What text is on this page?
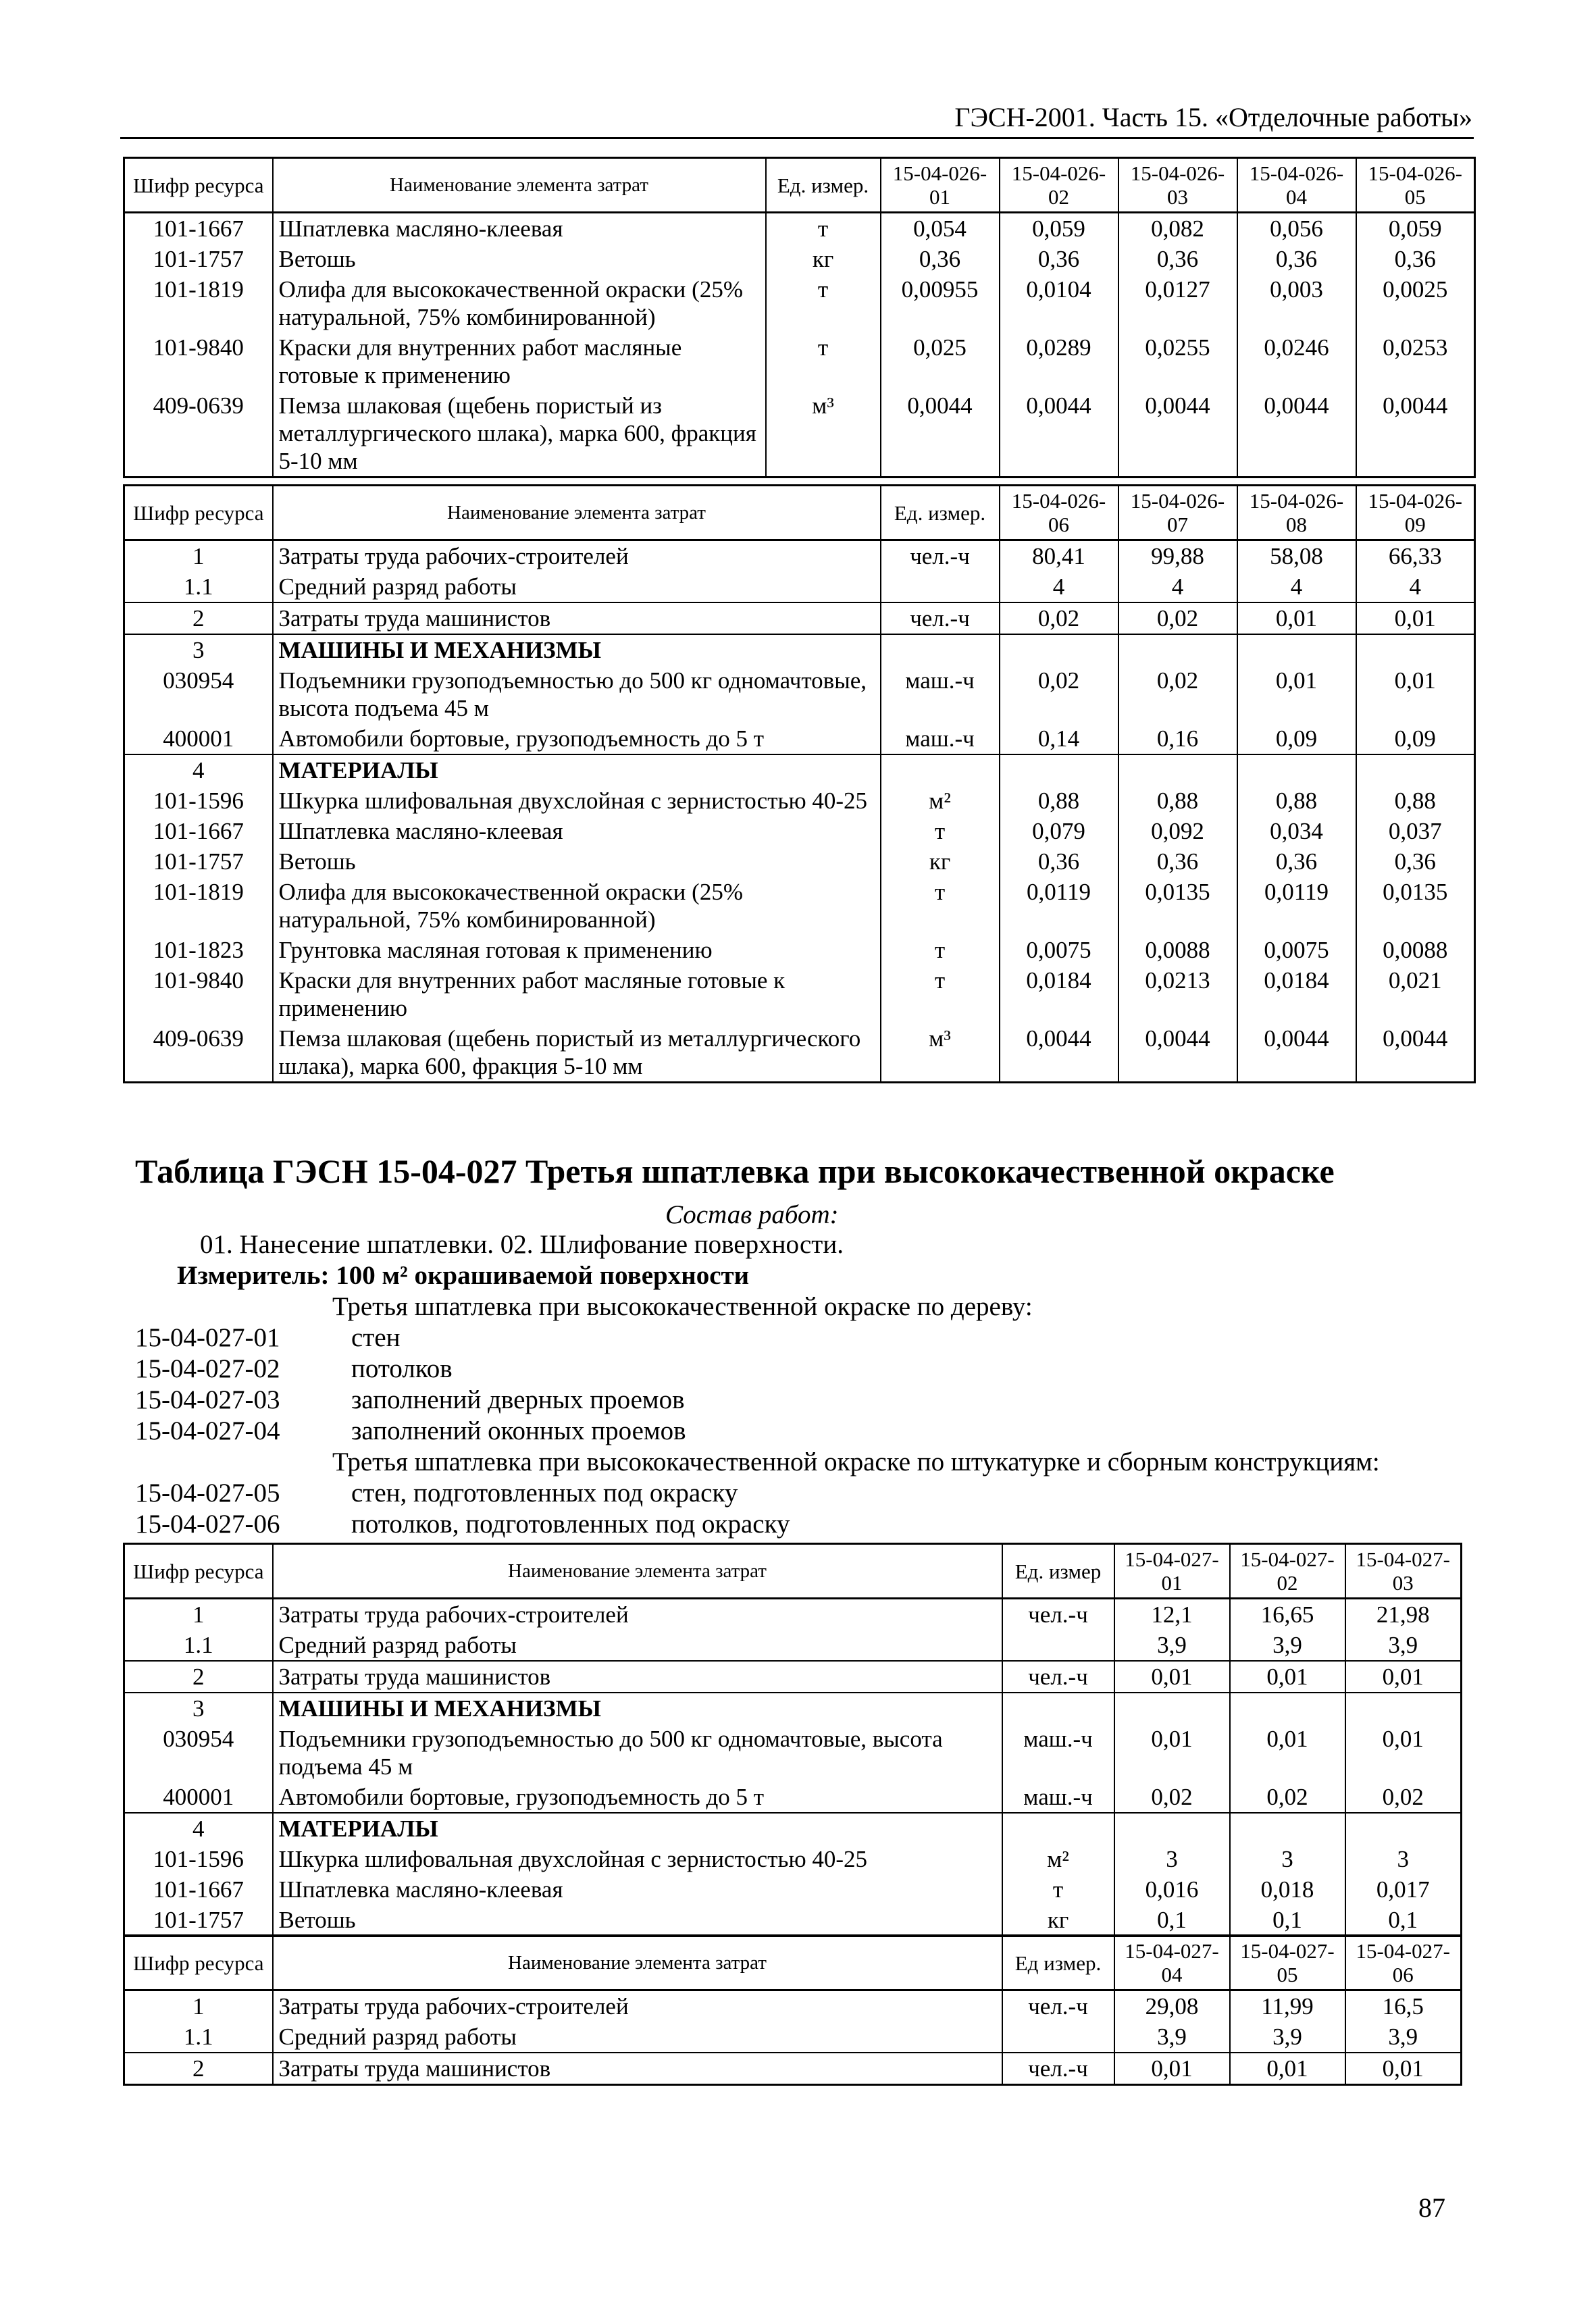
ГЭСН-2001. Часть 15. «Отделочные работы»
Шифр ресурса	Наименование элемента затрат	Ед. измер.	15-04-026-01	15-04-026-02	15-04-026-03	15-04-026-04	15-04-026-05
101-1667	Шпатлевка масляно-клеевая	т	0,054	0,059	0,082	0,056	0,059
101-1757	Ветошь	кг	0,36	0,36	0,36	0,36	0,36
101-1819	Олифа для высококачественной окраски (25% натуральной, 75% комбинированной)	т	0,00955	0,0104	0,0127	0,003	0,0025
101-9840	Краски для внутренних работ масляные готовые к применению	т	0,025	0,0289	0,0255	0,0246	0,0253
409-0639	Пемза шлаковая (щебень пористый из металлургического шлака), марка 600, фракция 5-10 мм	м³	0,0044	0,0044	0,0044	0,0044	0,0044
Шифр ресурса	Наименование элемента затрат	Ед. измер.	15-04-026-06	15-04-026-07	15-04-026-08	15-04-026-09
1	Затраты труда рабочих-строителей	чел.-ч	80,41	99,88	58,08	66,33
1.1	Средний разряд работы		4	4	4	4
2	Затраты труда машинистов	чел.-ч	0,02	0,02	0,01	0,01
3	МАШИНЫ И МЕХАНИЗМЫ					
030954	Подъемники грузоподъемностью до 500 кг одномачтовые, высота подъема 45 м	маш.-ч	0,02	0,02	0,01	0,01
400001	Автомобили бортовые, грузоподъемность до 5 т	маш.-ч	0,14	0,16	0,09	0,09
4	МАТЕРИАЛЫ					
101-1596	Шкурка шлифовальная двухслойная с зернистостью 40-25	м²	0,88	0,88	0,88	0,88
101-1667	Шпатлевка масляно-клеевая	т	0,079	0,092	0,034	0,037
101-1757	Ветошь	кг	0,36	0,36	0,36	0,36
101-1819	Олифа для высококачественной окраски (25% натуральной, 75% комбинированной)	т	0,0119	0,0135	0,0119	0,0135
101-1823	Грунтовка масляная готовая к применению	т	0,0075	0,0088	0,0075	0,0088
101-9840	Краски для внутренних работ масляные готовые к применению	т	0,0184	0,0213	0,0184	0,021
409-0639	Пемза шлаковая (щебень пористый из металлургического шлака), марка 600, фракция 5-10 мм	м³	0,0044	0,0044	0,0044	0,0044
Таблица ГЭСН 15-04-027 Третья шпатлевка при высококачественной окраске
Состав работ:
01. Нанесение шпатлевки. 02. Шлифование поверхности.
Измеритель: 100 м² окрашиваемой поверхности
Третья шпатлевка при высококачественной окраске по дереву:
15-04-027-01	стен
15-04-027-02	потолков
15-04-027-03	заполнений дверных проемов
15-04-027-04	заполнений оконных проемов
Третья шпатлевка при высококачественной окраске по штукатурке и сборным конструкциям:
15-04-027-05	стен, подготовленных под окраску
15-04-027-06	потолков, подготовленных под окраску
Шифр ресурса	Наименование элемента затрат	Ед. измер	15-04-027-01	15-04-027-02	15-04-027-03
1	Затраты труда рабочих-строителей	чел.-ч	12,1	16,65	21,98
1.1	Средний разряд работы		3,9	3,9	3,9
2	Затраты труда машинистов	чел.-ч	0,01	0,01	0,01
3	МАШИНЫ И МЕХАНИЗМЫ				
030954	Подъемники грузоподъемностью до 500 кг одномачтовые, высота подъема 45 м	маш.-ч	0,01	0,01	0,01
400001	Автомобили бортовые, грузоподъемность до 5 т	маш.-ч	0,02	0,02	0,02
4	МАТЕРИАЛЫ				
101-1596	Шкурка шлифовальная двухслойная с зернистостью 40-25	м²	3	3	3
101-1667	Шпатлевка масляно-клеевая	т	0,016	0,018	0,017
101-1757	Ветошь	кг	0,1	0,1	0,1
Шифр ресурса	Наименование элемента затрат	Ед измер.	15-04-027-04	15-04-027-05	15-04-027-06
1	Затраты труда рабочих-строителей	чел.-ч	29,08	11,99	16,5
1.1	Средний разряд работы		3,9	3,9	3,9
2	Затраты труда машинистов	чел.-ч	0,01	0,01	0,01
87
